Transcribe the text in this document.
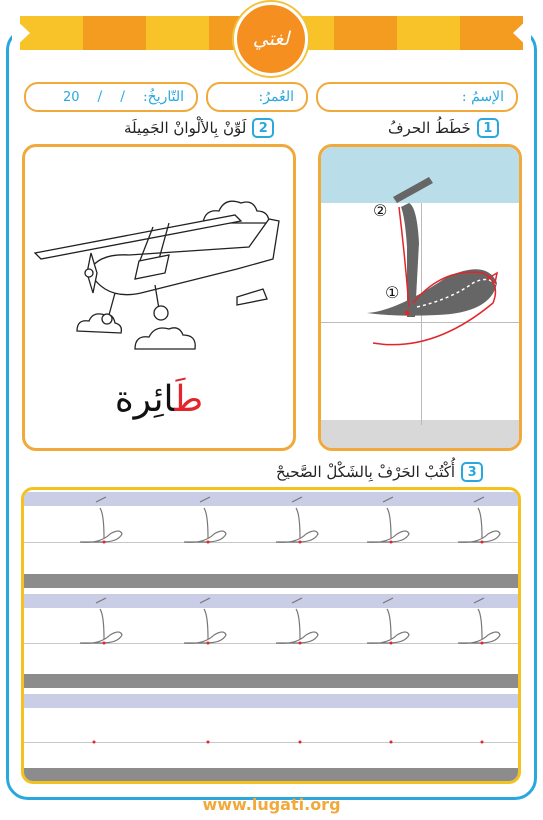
لغتي
الإسمُ :
العُمرُ:
التّاريخُ:
/
/
20
1
خَطَطُ الحرفُ
2
لَوِّنْ بِالألْوانْ الجَمِيلَة
3
أُكْتُبْ الحَرْفْ بِالشَكْلْ الصَّحيحْ
طَائِرة
②
①
www.lugati.org
